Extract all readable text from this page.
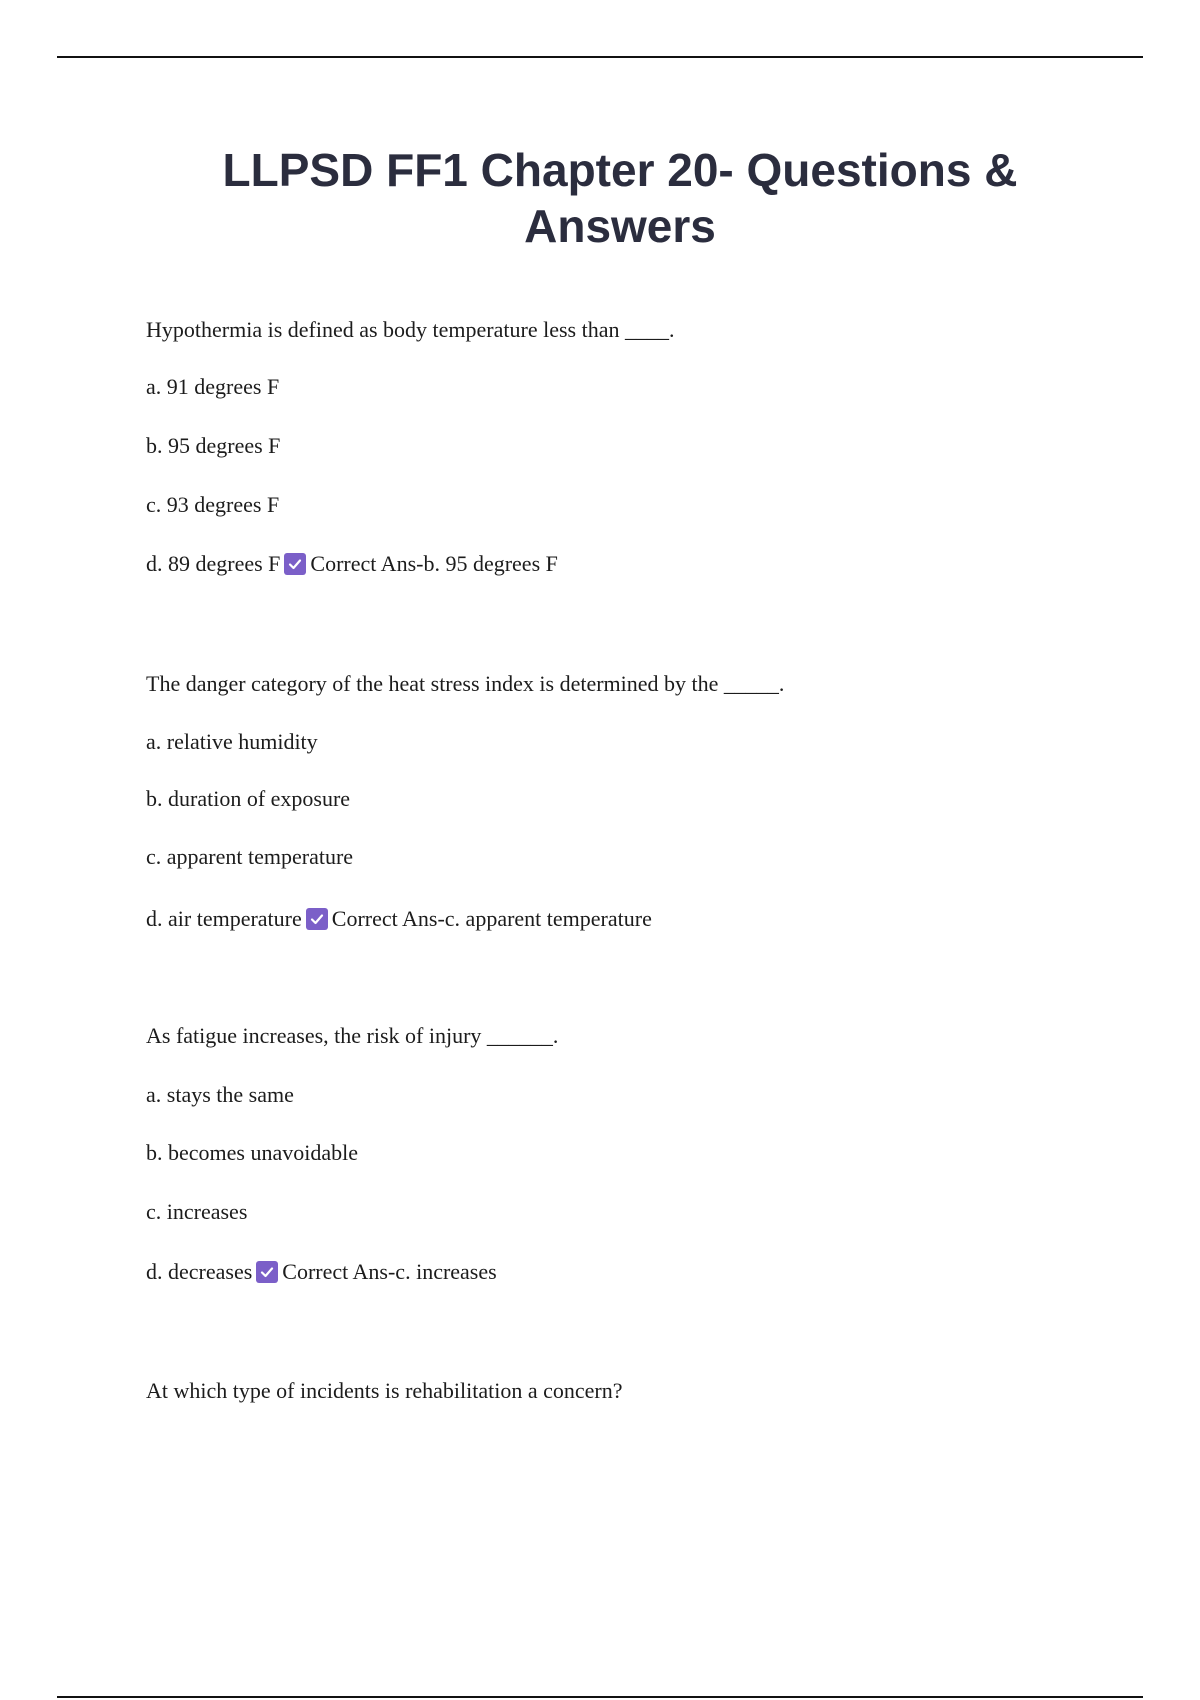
LLPSD FF1 Chapter 20- Questions &
Answers

Hypothermia is defined as body temperature less than ____.

a. 91 degrees F

b. 95 degrees F

c. 93 degrees F

d. 89 degrees F Correct Ans-b. 95 degrees F

The danger category of the heat stress index is determined by the _____.

a. relative humidity

b. duration of exposure

c. apparent temperature

d. air temperature Correct Ans-c. apparent temperature

As fatigue increases, the risk of injury ______.

a. stays the same

b. becomes unavoidable

c. increases

d. decreases Correct Ans-c. increases

At which type of incidents is rehabilitation a concern?
